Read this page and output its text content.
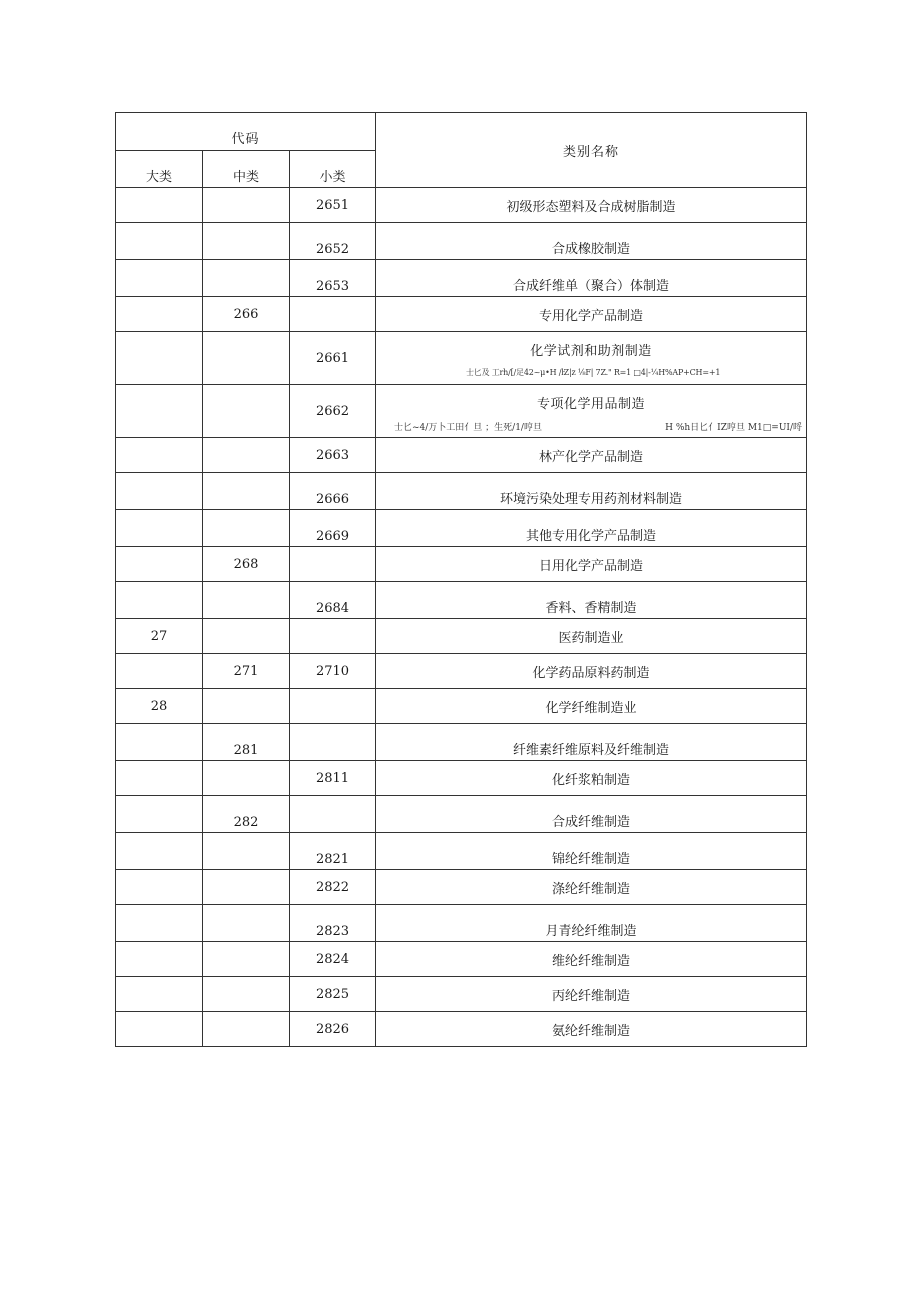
代码			类别名称
大类	中类	小类	
		2651	初级形态塑料及合成树脂制造
		2652	合成橡胶制造
		2653	合成纤维单（聚合）体制造
	266		专用化学产品制造
		2661	化学试剂和助剂制造
士匕及 工rh/[/足42~μ•H /ŀZ|z ⅛F| 7Z." R=1 □4|-¼H%AP+CH=+1

		2662	专项化学用品制造
士匕~4/万卜工田亻旦 ；生死/1/哼旦 H %h日匕亻IZ哼旦 M1□=UI/哷

		2663	林产化学产品制造
		2666	环境污染处理专用药剂材料制造
		2669	其他专用化学产品制造
	268		日用化学产品制造
		2684	香料、香精制造
27			医药制造业
	271	2710	化学药品原料药制造
28			化学纤维制造业
	281		纤维素纤维原料及纤维制造
		2811	化纤浆粕制造
	282		合成纤维制造
		2821	锦纶纤维制造
		2822	涤纶纤维制造
		2823	月青纶纤维制造
		2824	维纶纤维制造
		2825	丙纶纤维制造
		2826	氨纶纤维制造
